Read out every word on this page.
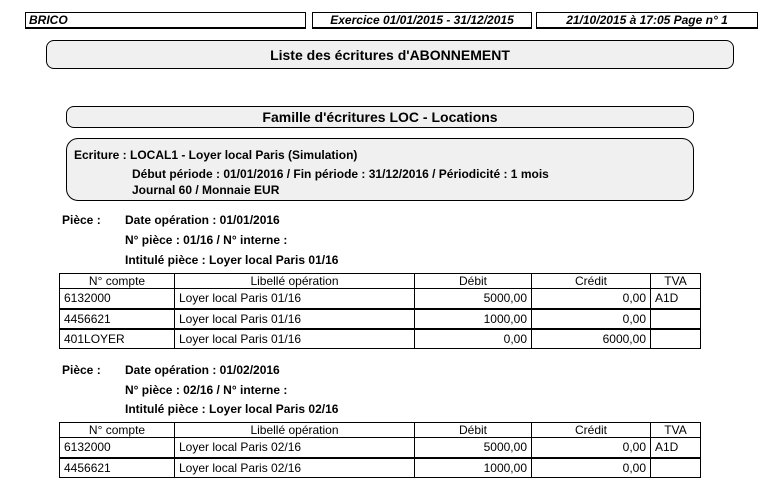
BRICO	Exercice 01/01/2015 - 31/12/2015	21/10/2015 à 17:05 Page n° 1
Liste des écritures d'ABONNEMENT
Famille d'écritures LOC - Locations
Ecriture : LOCAL1 - Loyer local Paris (Simulation)
Début période : 01/01/2016 / Fin période : 31/12/2016 / Périodicité : 1 mois
Journal 60 / Monnaie EUR
Pièce : Date opération : 01/01/2016
N° pièce : 01/16 / N° interne :
Intitulé pièce : Loyer local Paris 01/16
N° compte	Libellé opération	Débit	Crédit	TVA
6132000	Loyer local Paris 01/16	5000,00	0,00	A1D
4456621	Loyer local Paris 01/16	1000,00	0,00	
401LOYER	Loyer local Paris 01/16	0,00	6000,00	
Pièce : Date opération : 01/02/2016
N° pièce : 02/16 / N° interne :
Intitulé pièce : Loyer local Paris 02/16
N° compte	Libellé opération	Débit	Crédit	TVA
6132000	Loyer local Paris 02/16	5000,00	0,00	A1D
4456621	Loyer local Paris 02/16	1000,00	0,00	
